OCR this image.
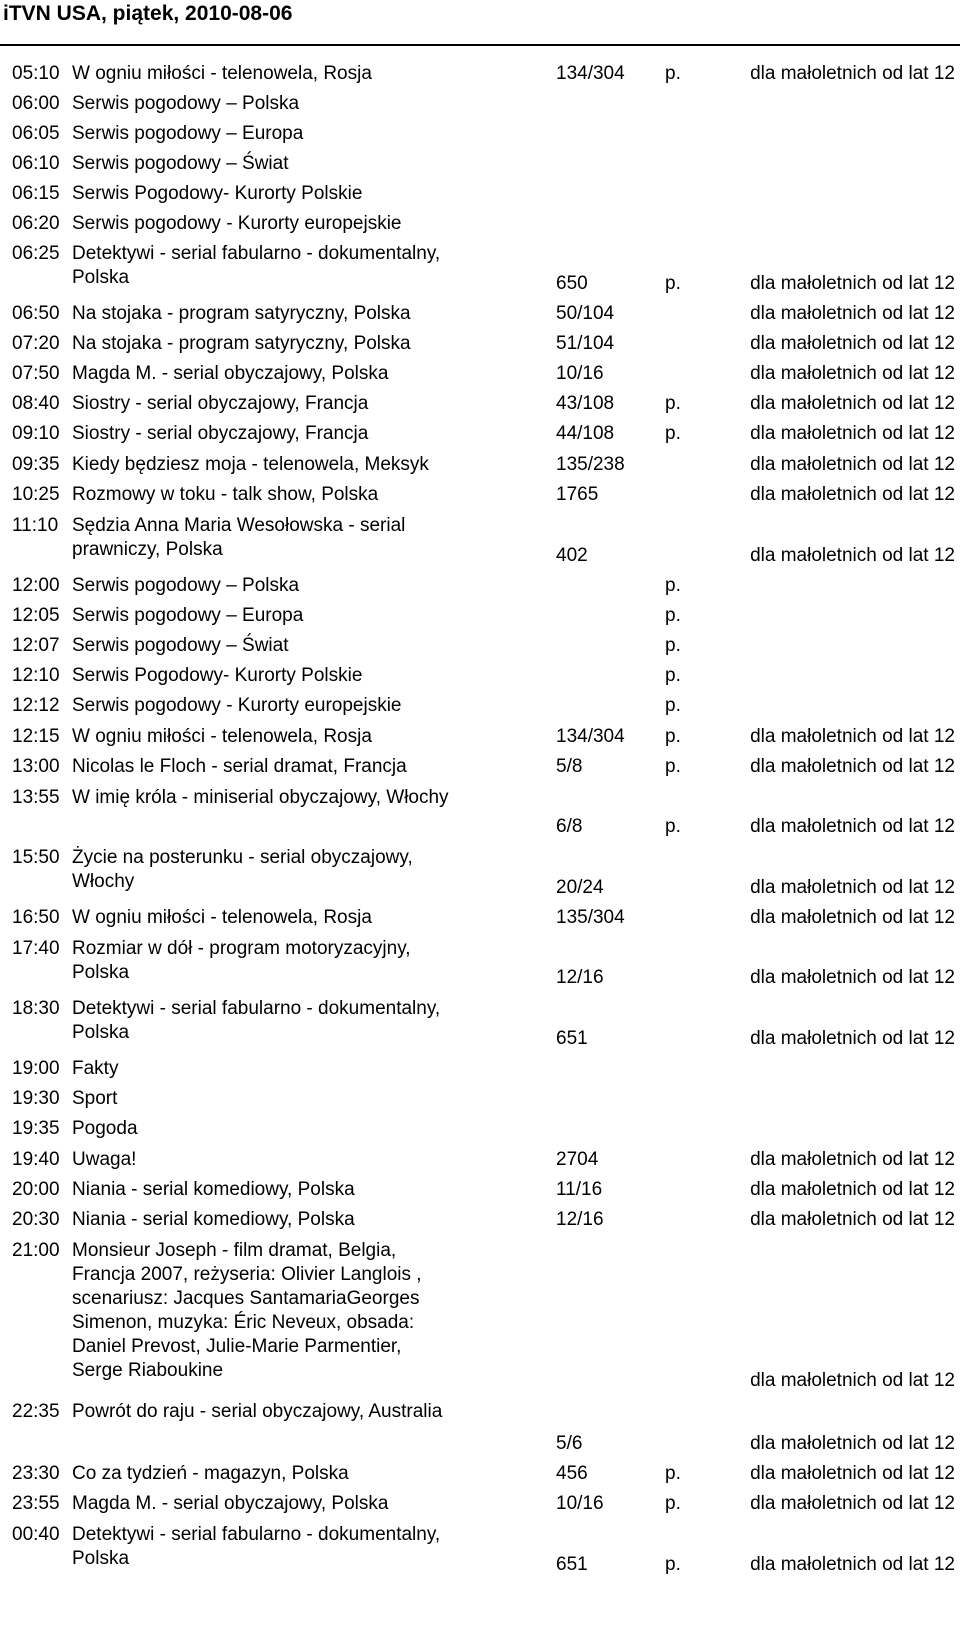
iTVN USA, piątek, 2010-08-06
05:10 W ogniu miłości - telenowela, Rosja	134/304 p.	dla małoletnich od lat 12
06:00 Serwis pogodowy – Polska
06:05 Serwis pogodowy – Europa
06:10 Serwis pogodowy – Świat
06:15 Serwis Pogodowy- Kurorty Polskie
06:20 Serwis pogodowy - Kurorty europejskie
06:25 Detektywi - serial fabularno - dokumentalny,
Polska	650	p.	dla małoletnich od lat 12
06:50 Na stojaka - program satyryczny, Polska	50/104	dla małoletnich od lat 12
07:20 Na stojaka - program satyryczny, Polska	51/104	dla małoletnich od lat 12
07:50 Magda M. - serial obyczajowy, Polska	10/16	dla małoletnich od lat 12
08:40 Siostry - serial obyczajowy, Francja	43/108	p.	dla małoletnich od lat 12
09:10 Siostry - serial obyczajowy, Francja	44/108	p.	dla małoletnich od lat 12
09:35 Kiedy będziesz moja - telenowela, Meksyk	135/238	dla małoletnich od lat 12
10:25 Rozmowy w toku - talk show, Polska	1765	dla małoletnich od lat 12
11:10 Sędzia Anna Maria Wesołowska - serial
prawniczy, Polska	402	dla małoletnich od lat 12
12:00 Serwis pogodowy – Polska	p.
12:05 Serwis pogodowy – Europa	p.
12:07 Serwis pogodowy – Świat	p.
12:10 Serwis Pogodowy- Kurorty Polskie	p.
12:12 Serwis pogodowy - Kurorty europejskie	p.
12:15 W ogniu miłości - telenowela, Rosja	134/304 p.	dla małoletnich od lat 12
13:00 Nicolas le Floch - serial dramat, Francja	5/8	p.	dla małoletnich od lat 12
13:55 W imię króla - miniserial obyczajowy, Włochy
6/8	p.	dla małoletnich od lat 12
15:50 Życie na posterunku - serial obyczajowy,
Włochy	20/24	dla małoletnich od lat 12
16:50 W ogniu miłości - telenowela, Rosja	135/304	dla małoletnich od lat 12
17:40 Rozmiar w dół - program motoryzacyjny,
Polska	12/16	dla małoletnich od lat 12
18:30 Detektywi - serial fabularno - dokumentalny,
Polska	651	dla małoletnich od lat 12
19:00 Fakty
19:30 Sport
19:35 Pogoda
19:40 Uwaga!	2704	dla małoletnich od lat 12
20:00 Niania - serial komediowy, Polska	11/16	dla małoletnich od lat 12
20:30 Niania - serial komediowy, Polska	12/16	dla małoletnich od lat 12
21:00 Monsieur Joseph - film dramat, Belgia,
Francja 2007, reżyseria: Olivier Langlois ,
scenariusz: Jacques SantamariaGeorges
Simenon, muzyka: Éric Neveux, obsada:
Daniel Prevost, Julie-Marie Parmentier,
Serge Riaboukine	dla małoletnich od lat 12
22:35 Powrót do raju - serial obyczajowy, Australia
5/6	dla małoletnich od lat 12
23:30 Co za tydzień - magazyn, Polska	456	p.	dla małoletnich od lat 12
23:55 Magda M. - serial obyczajowy, Polska	10/16	p.	dla małoletnich od lat 12
00:40 Detektywi - serial fabularno - dokumentalny,
Polska	651	p.	dla małoletnich od lat 12
